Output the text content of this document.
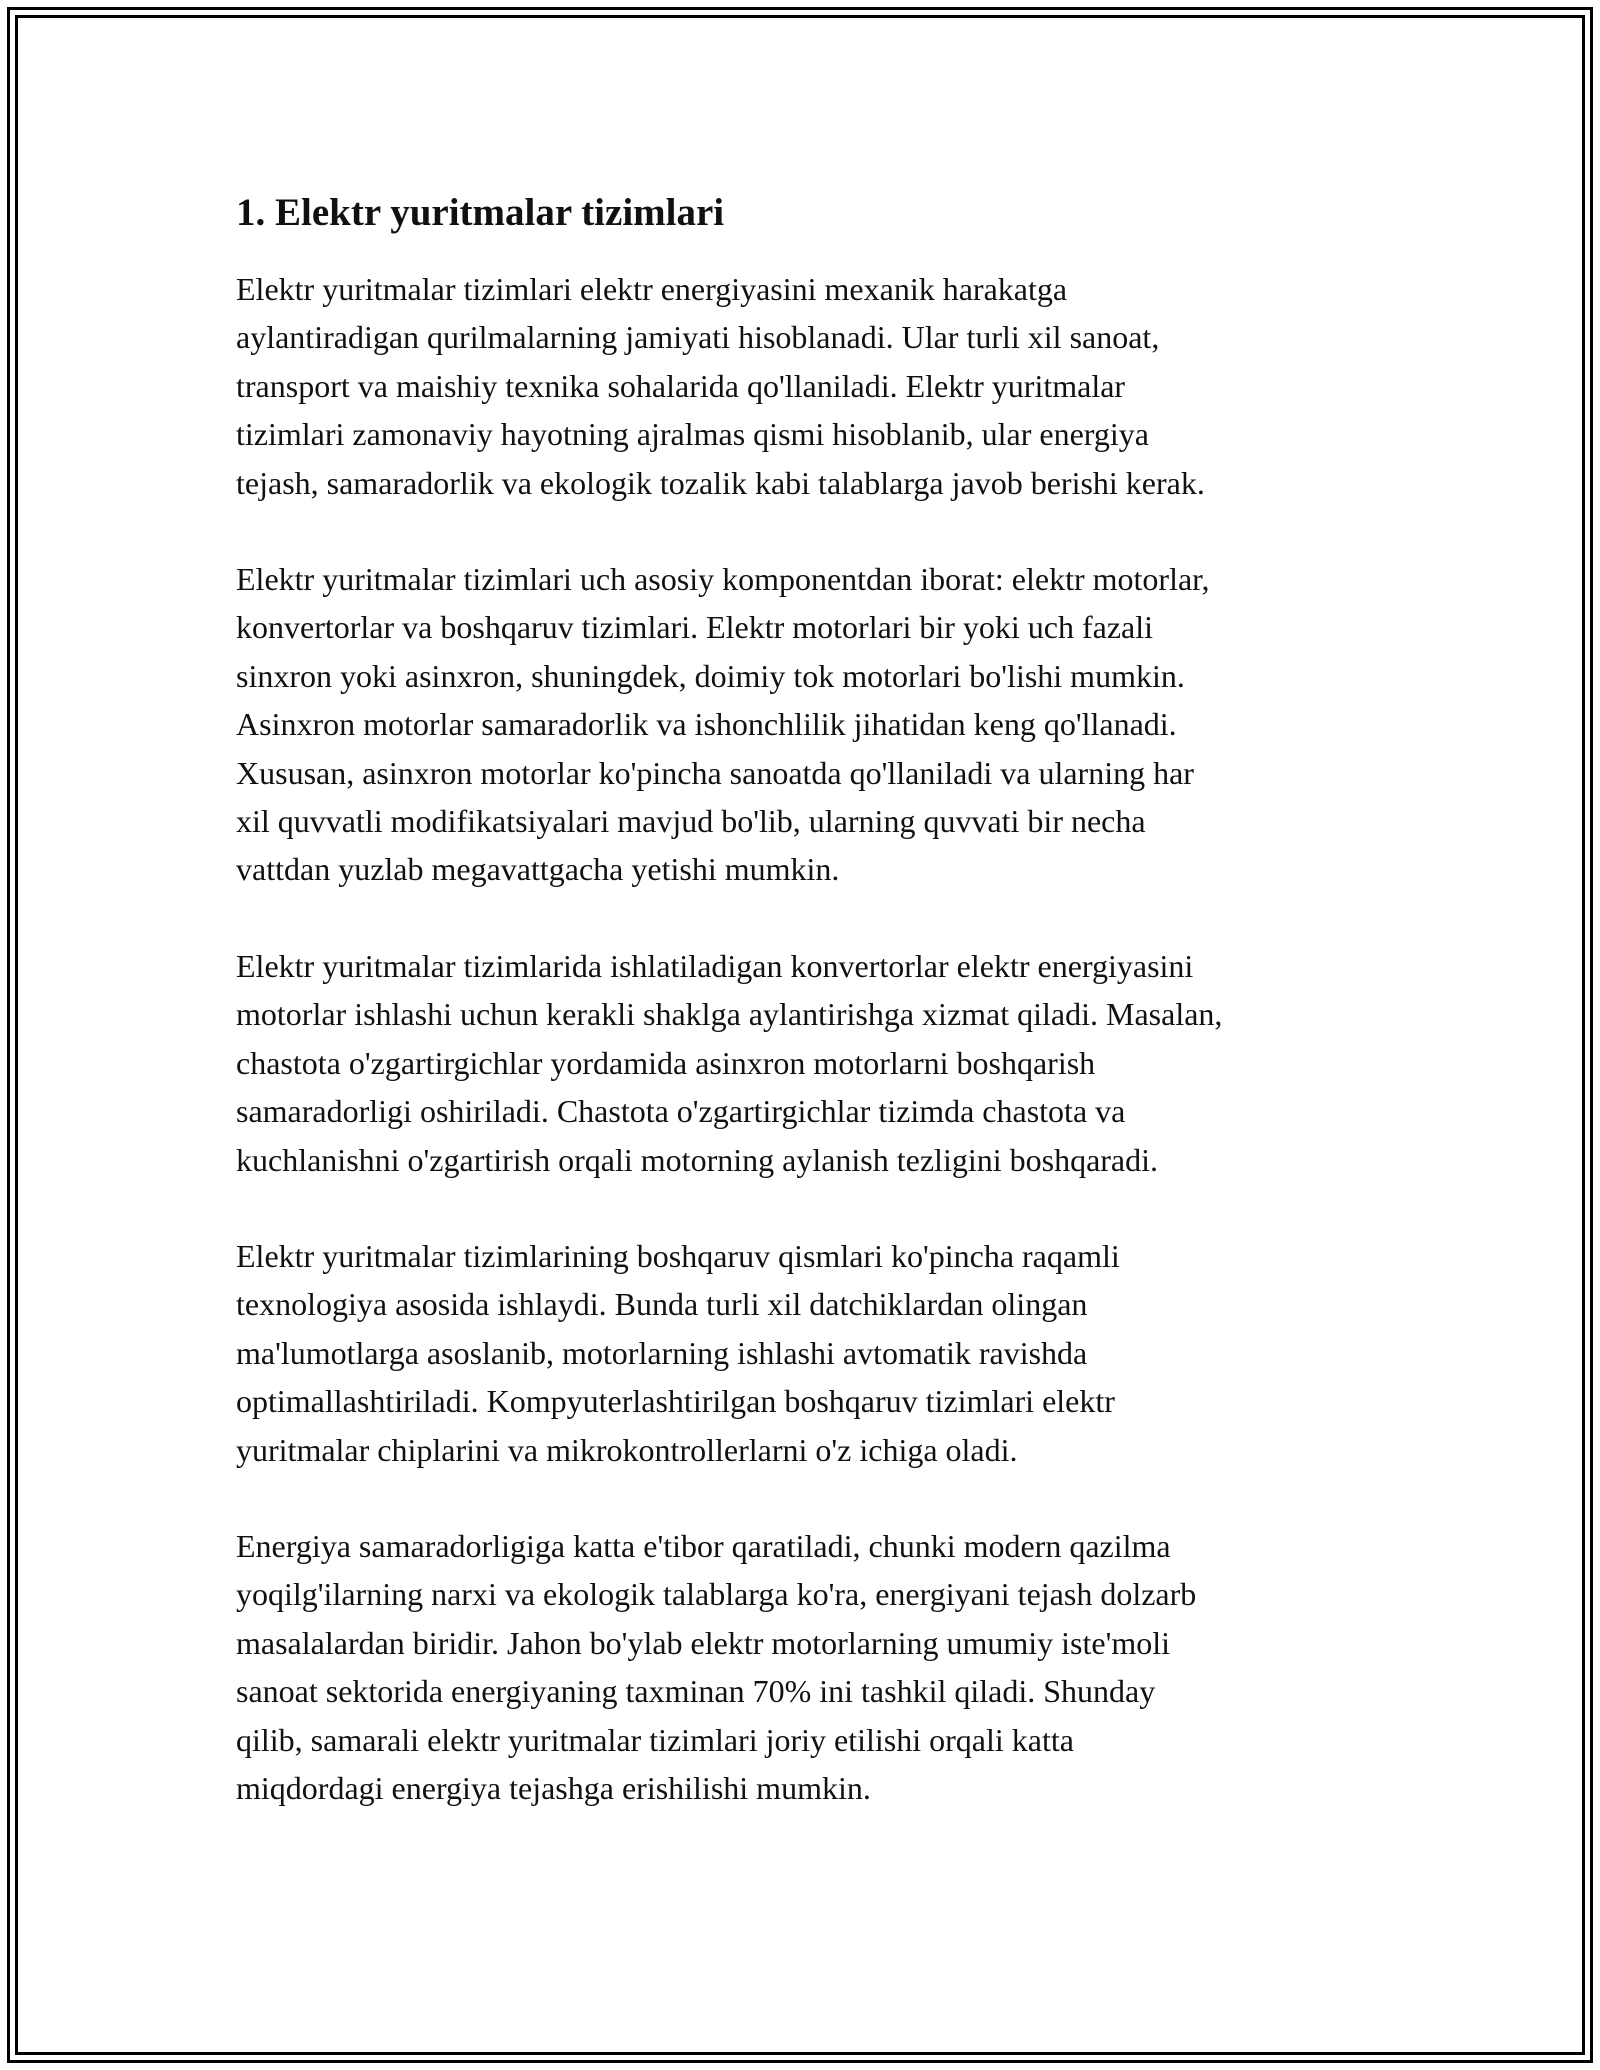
1. Elektr yuritmalar tizimlari

Elektr yuritmalar tizimlari elektr energiyasini mexanik harakatga
aylantiradigan qurilmalarning jamiyati hisoblanadi. Ular turli xil sanoat,
transport va maishiy texnika sohalarida qo'llaniladi. Elektr yuritmalar
tizimlari zamonaviy hayotning ajralmas qismi hisoblanib, ular energiya
tejash, samaradorlik va ekologik tozalik kabi talablarga javob berishi kerak.

Elektr yuritmalar tizimlari uch asosiy komponentdan iborat: elektr motorlar,
konvertorlar va boshqaruv tizimlari. Elektr motorlari bir yoki uch fazali
sinxron yoki asinxron, shuningdek, doimiy tok motorlari bo'lishi mumkin.
Asinxron motorlar samaradorlik va ishonchlilik jihatidan keng qo'llanadi.
Xususan, asinxron motorlar ko'pincha sanoatda qo'llaniladi va ularning har
xil quvvatli modifikatsiyalari mavjud bo'lib, ularning quvvati bir necha
vattdan yuzlab megavattgacha yetishi mumkin.

Elektr yuritmalar tizimlarida ishlatiladigan konvertorlar elektr energiyasini
motorlar ishlashi uchun kerakli shaklga aylantirishga xizmat qiladi. Masalan,
chastota o'zgartirgichlar yordamida asinxron motorlarni boshqarish
samaradorligi oshiriladi. Chastota o'zgartirgichlar tizimda chastota va
kuchlanishni o'zgartirish orqali motorning aylanish tezligini boshqaradi.

Elektr yuritmalar tizimlarining boshqaruv qismlari ko'pincha raqamli
texnologiya asosida ishlaydi. Bunda turli xil datchiklardan olingan
ma'lumotlarga asoslanib, motorlarning ishlashi avtomatik ravishda
optimallashtiriladi. Kompyuterlashtirilgan boshqaruv tizimlari elektr
yuritmalar chiplarini va mikrokontrollerlarni o'z ichiga oladi.

Energiya samaradorligiga katta e'tibor qaratiladi, chunki modern qazilma
yoqilg'ilarning narxi va ekologik talablarga ko'ra, energiyani tejash dolzarb
masalalardan biridir. Jahon bo'ylab elektr motorlarning umumiy iste'moli
sanoat sektorida energiyaning taxminan 70% ini tashkil qiladi. Shunday
qilib, samarali elektr yuritmalar tizimlari joriy etilishi orqali katta
miqdordagi energiya tejashga erishilishi mumkin.
